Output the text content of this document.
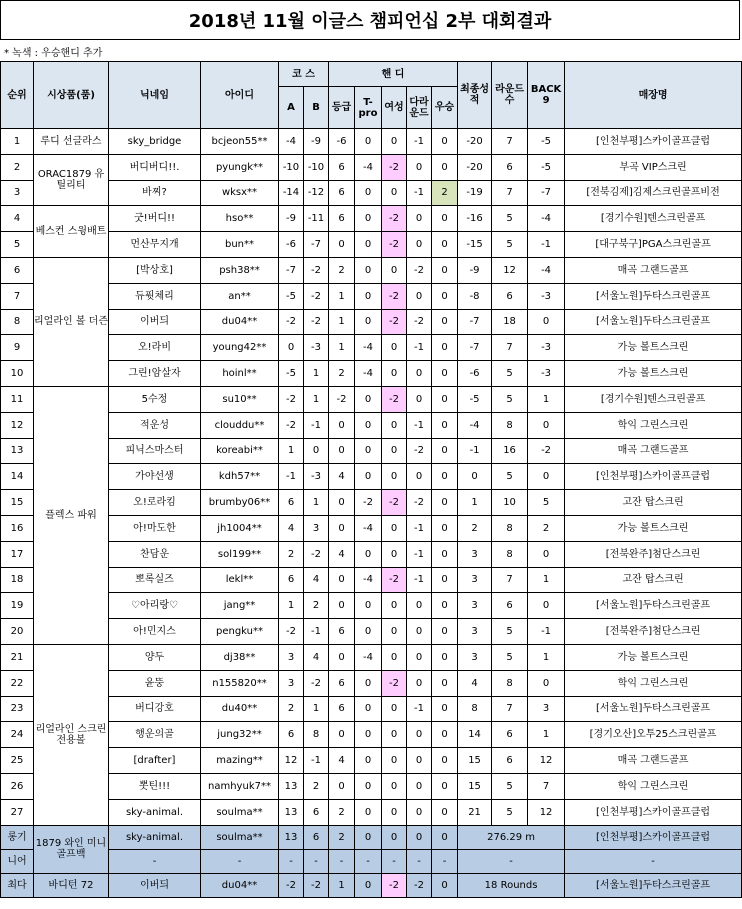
2018년 11월 이글스 챔피언십 2부 대회결과
* 녹색 : 우승핸디 추가
순위	시상품(품)	닉네임	아이디	코 스		핸 디					최종성적	라운드수	BACK 9	매장명
				A	B	등급	T-pro	여성	다라운드	우승				
1	루디 선글라스	sky_bridge	bcjeon55**	-4	-9	-6	0	0	-1	0	-20	7	-5	[인천부평]스카이골프클럽
2	ORAC1879 유틸리티	버디버디!!.	pyungk**	-10	-10	6	-4	-2	0	0	-20	6	-5	부곡 VIP스크린
3		바찌?	wksx**	-14	-12	6	0	0	-1	2	-19	7	-7	[전북김제]김제스크린골프비전
4	베스컨 스윙배트	굿!버디!!	hso**	-9	-11	6	0	-2	0	0	-16	5	-4	[경기수원]텐스크린골프
5		먼산무지개	bun**	-6	-7	0	0	-2	0	0	-15	5	-1	[대구북구]PGA스크린골프
6	리얼라인 볼 더즌	[박상호]	psh38**	-7	-2	2	0	0	-2	0	-9	12	-4	매곡 그랜드골프
7		듀퓟체리	an**	-5	-2	1	0	-2	0	0	-8	6	-3	[서울노원]두타스크린골프
8		이버듸	du04**	-2	-2	1	0	-2	-2	0	-7	18	0	[서울노원]두타스크린골프
9		오!라비	young42**	0	-3	1	-4	0	-1	0	-7	7	-3	가능 볼트스크린
10		그린!암살자	hoinl**	-5	1	2	-4	0	0	0	-6	5	-3	가능 볼트스크린
11	플렉스 파워	5수정	su10**	-2	1	-2	0	-2	0	0	-5	5	1	[경기수원]텐스크린골프
12		적운성	clouddu**	-2	-1	0	0	0	-1	0	-4	8	0	학익 그린스크린
13		피닉스마스터	koreabi**	1	0	0	0	0	-2	0	-1	16	-2	매곡 그랜드골프
14		가야선생	kdh57**	-1	-3	4	0	0	0	0	0	5	0	[인천부평]스카이골프클럽
15		오!로라킴	brumby06**	6	1	0	-2	-2	-2	0	1	10	5	고잔 탑스크린
16		아!마도한	jh1004**	4	3	0	-4	0	-1	0	2	8	2	가능 볼트스크린
17		찬담운	sol199**	2	-2	4	0	0	-1	0	3	8	0	[전북완주]첨단스크린
18		뽀록실즈	lekl**	6	4	0	-4	-2	-1	0	3	7	1	고잔 탑스크린
19		♡아리랑♡	jang**	1	2	0	0	0	0	0	3	6	0	[서울노원]두타스크린골프
20		아!민지스	pengku**	-2	-1	6	0	0	0	0	3	5	-1	[전북완주]첨단스크린
21	리얼라인 스크린 전용볼	양두	dj38**	3	4	0	-4	0	0	0	3	5	1	가능 볼트스크린
22		윤뚱	n155820**	3	-2	6	0	-2	0	0	4	8	0	학익 그린스크린
23		버디강호	du40**	2	1	6	0	0	-1	0	8	7	3	[서울노원]두타스크린골프
24		행운의골	jung32**	6	8	0	0	0	0	0	14	6	1	[경기오산]오투25스크린골프
25		[drafter]	mazing**	12	-1	4	0	0	0	0	15	6	12	매곡 그랜드골프
26		뽓틴!!!	namhyuk7**	13	2	0	0	0	0	0	15	5	7	학익 그린스크린
27		sky-animal.	soulma**	13	6	2	0	0	0	0	21	5	12	[인천부평]스카이골프클럽
롱기	1879 와인 미니골프백	sky-animal.	soulma**	13	6	2	0	0	0	0	276.29 m			[인천부평]스카이골프클럽
니어		-	-	-	-	-	-	-	-	-	-			-
최다	바디턴 72	이버듸	du04**	-2	-2	1	0	-2	-2	0	18 Rounds			[서울노원]두타스크린골프
